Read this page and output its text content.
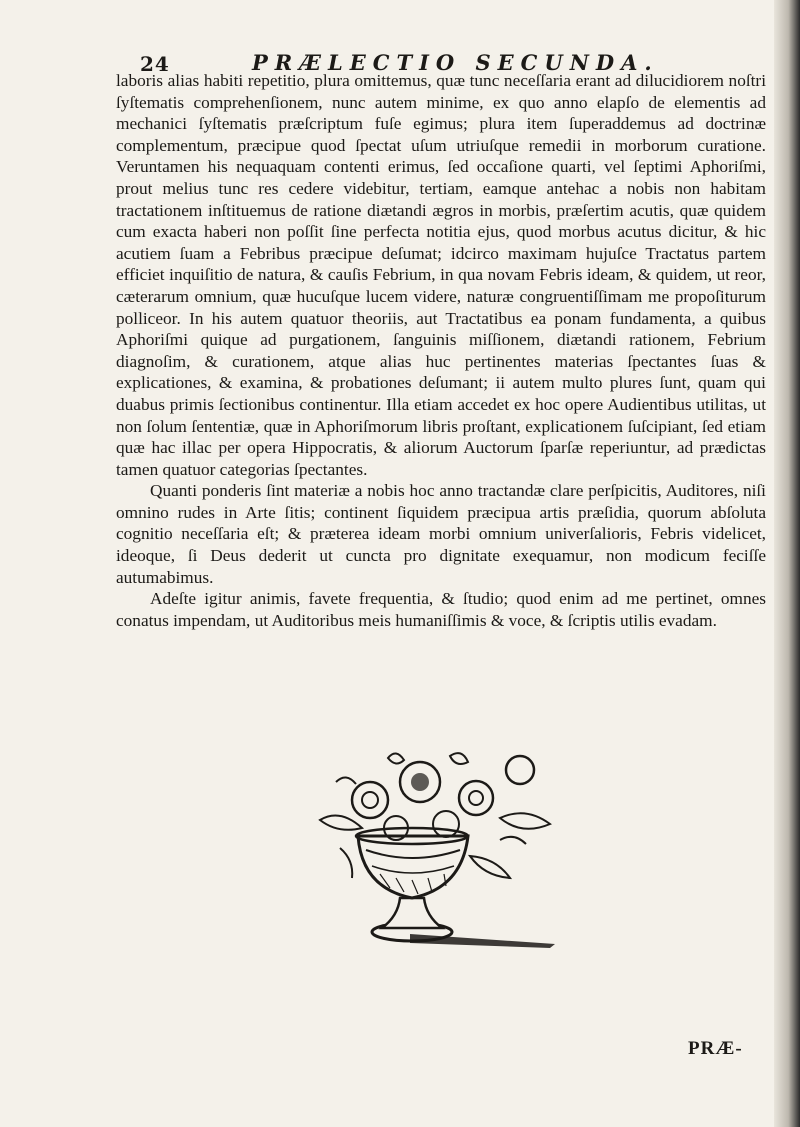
24	PRÆLECTIO SECUNDA.

laboris alias habiti repetitio, plura omittemus, quæ tunc neceſſaria erant ad dilucidiorem noſtri ſyſtematis comprehenſionem, nunc autem minime, ex quo anno elapſo de elementis ad mechanici ſyſtematis præſcriptum fuſe egimus; plura item ſuperaddemus ad doctrinæ complementum, præcipue quod ſpectat uſum utriuſque remedii in morborum curatione. Veruntamen his nequaquam contenti erimus, ſed occaſione quarti, vel ſeptimi Aphoriſmi, prout melius tunc res cedere videbitur, tertiam, eamque antehac a nobis non habitam tractationem inſtituemus de ratione diætandi ægros in morbis, præſertim acutis, quæ quidem cum exacta haberi non poſſit ſine perfecta notitia ejus, quod morbus acutus dicitur, & hic acutiem ſuam a Febribus præcipue deſumat; idcirco maximam hujuſce Tractatus partem efficiet inquiſitio de natura, & cauſis Febrium, in qua novam Febris ideam, & quidem, ut reor, cæterarum omnium, quæ hucuſque lucem videre, naturæ congruentiſſimam me propoſiturum polliceor. In his autem quatuor theoriis, aut Tractatibus ea ponam fundamenta, a quibus Aphoriſmi quique ad purgationem, ſanguinis miſſionem, diætandi rationem, Febrium diagnoſim, & curationem, atque alias huc pertinentes materias ſpectantes ſuas & explicationes, & examina, & probationes deſumant; ii autem multo plures ſunt, quam qui duabus primis ſectionibus continentur. Illa etiam accedet ex hoc opere Audientibus utilitas, ut non ſolum ſententiæ, quæ in Aphoriſmorum libris proſtant, explicationem ſuſcipiant, ſed etiam quæ hac illac per opera Hippocratis, & aliorum Auctorum ſparſæ reperiuntur, ad prædictas tamen quatuor categorias ſpectantes.

Quanti ponderis ſint materiæ a nobis hoc anno tractandæ clare perſpicitis, Auditores, niſi omnino rudes in Arte ſitis; continent ſiquidem præcipua artis præſidia, quorum abſoluta cognitio neceſſaria eſt; & præterea ideam morbi omnium univerſalioris, Febris videlicet, ideoque, ſi Deus dederit ut cuncta pro dignitate exequamur, non modicum feciſſe autumabimus.

Adeſte igitur animis, favete frequentia, & ſtudio; quod enim ad me pertinet, omnes conatus impendam, ut Auditoribus meis humaniſſimis & voce, & ſcriptis utilis evadam.

PRÆ-
